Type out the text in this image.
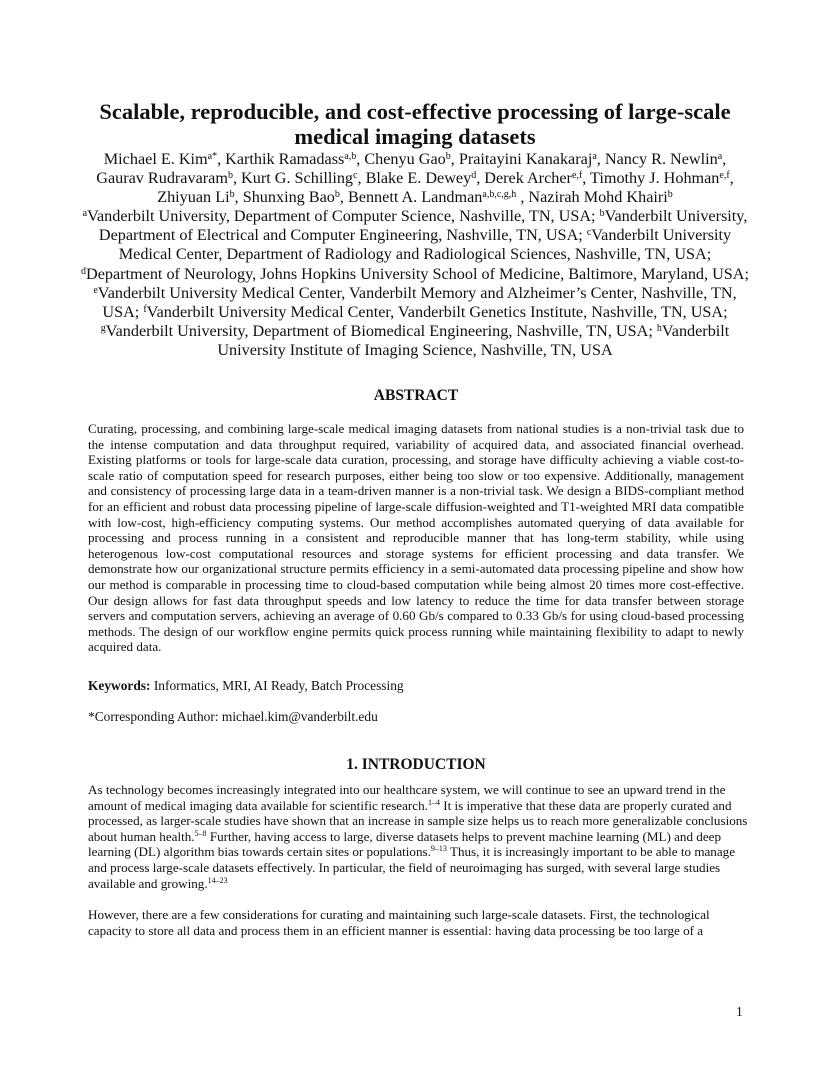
Scalable, reproducible, and cost-effective processing of large-scale medical imaging datasets
Michael E. Kim$^{a*}$, Karthik Ramadass$^{a,b}$, Chenyu Gao$^b$, Praitayini Kanakaraj$^a$, Nancy R. Newlin$^a$, Gaurav Rudravaram$^b$, Kurt G. Schilling$^c$, Blake E. Dewey$^d$, Derek Archer$^{e,f}$, Timothy J. Hohman$^{e,f}$, Zhiyuan Li$^b$, Shunxing Bao$^b$, Bennett A. Landman$^{a,b,c,g,h}$ , Nazirah Mohd Khairi$^b$
$^a$Vanderbilt University, Department of Computer Science, Nashville, TN, USA; $^b$Vanderbilt University, Department of Electrical and Computer Engineering, Nashville, TN, USA; $^c$Vanderbilt University Medical Center, Department of Radiology and Radiological Sciences, Nashville, TN, USA; $^d$Department of Neurology, Johns Hopkins University School of Medicine, Baltimore, Maryland, USA; $^e$Vanderbilt University Medical Center, Vanderbilt Memory and Alzheimer’s Center, Nashville, TN, USA; $^f$Vanderbilt University Medical Center, Vanderbilt Genetics Institute, Nashville, TN, USA; $^g$Vanderbilt University, Department of Biomedical Engineering, Nashville, TN, USA; $^h$Vanderbilt University Institute of Imaging Science, Nashville, TN, USA
ABSTRACT
Curating, processing, and combining large-scale medical imaging datasets from national studies is a non-trivial task due to the intense computation and data throughput required, variability of acquired data, and associated financial overhead. Existing platforms or tools for large-scale data curation, processing, and storage have difficulty achieving a viable cost-to-scale ratio of computation speed for research purposes, either being too slow or too expensive. Additionally, management and consistency of processing large data in a team-driven manner is a non-trivial task. We design a BIDS-compliant method for an efficient and robust data processing pipeline of large-scale diffusion-weighted and T1-weighted MRI data compatible with low-cost, high-efficiency computing systems. Our method accomplishes automated querying of data available for processing and process running in a consistent and reproducible manner that has long-term stability, while using heterogenous low-cost computational resources and storage systems for efficient processing and data transfer. We demonstrate how our organizational structure permits efficiency in a semi-automated data processing pipeline and show how our method is comparable in processing time to cloud-based computation while being almost 20 times more cost-effective. Our design allows for fast data throughput speeds and low latency to reduce the time for data transfer between storage servers and computation servers, achieving an average of 0.60 Gb/s compared to 0.33 Gb/s for using cloud-based processing methods. The design of our workflow engine permits quick process running while maintaining flexibility to adapt to newly acquired data.
Keywords: Informatics, MRI, AI Ready, Batch Processing
*Corresponding Author: michael.kim@vanderbilt.edu
1. INTRODUCTION
As technology becomes increasingly integrated into our healthcare system, we will continue to see an upward trend in the amount of medical imaging data available for scientific research.$^{1-4}$ It is imperative that these data are properly curated and processed, as larger-scale studies have shown that an increase in sample size helps us to reach more generalizable conclusions about human health.$^{5-8}$ Further, having access to large, diverse datasets helps to prevent machine learning (ML) and deep learning (DL) algorithm bias towards certain sites or populations.$^{9-13}$ Thus, it is increasingly important to be able to manage and process large-scale datasets effectively. In particular, the field of neuroimaging has surged, with several large studies available and growing.$^{14-23}$
However, there are a few considerations for curating and maintaining such large-scale datasets. First, the technological capacity to store all data and process them in an efficient manner is essential: having data processing be too large of a
1
